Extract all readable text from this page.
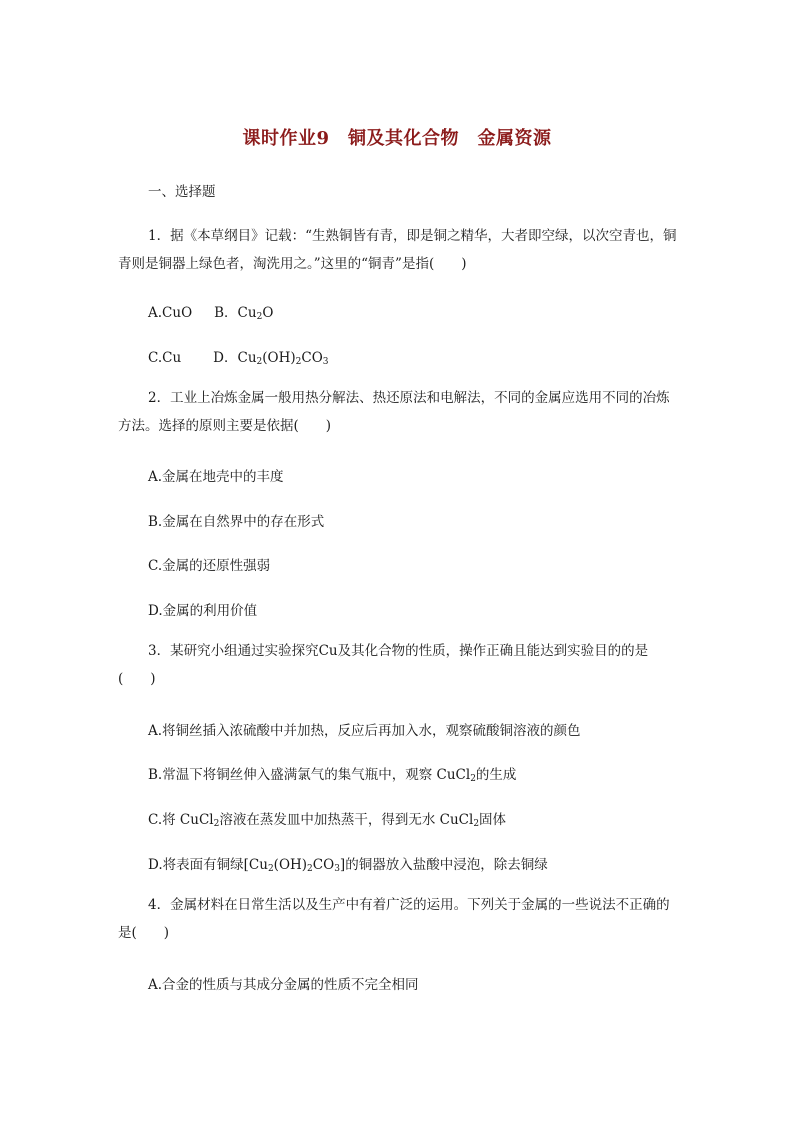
课时作业9　铜及其化合物　金属资源
一、选择题
1．据《本草纲目》记载：“生熟铜皆有青，即是铜之精华，大者即空绿，以次空青也，铜青则是铜器上绿色者，淘洗用之。”这里的“铜青”是指(　　)
A.CuO B．$Cu_2O$
C.Cu D．$Cu_2(OH)_2CO_3$
2．工业上冶炼金属一般用热分解法、热还原法和电解法，不同的金属应选用不同的冶炼方法。选择的原则主要是依据(　　)
A.金属在地壳中的丰度
B.金属在自然界中的存在形式
C.金属的还原性强弱
D.金属的利用价值
3．某研究小组通过实验探究Cu及其化合物的性质，操作正确且能达到实验目的的是(　　)
A.将铜丝插入浓硫酸中并加热，反应后再加入水，观察硫酸铜溶液的颜色
B.常温下将铜丝伸入盛满氯气的集气瓶中，观察 CuCl$_2$的生成
C.将 CuCl$_2$溶液在蒸发皿中加热蒸干，得到无水 CuCl$_2$固体
D.将表面有铜绿$[Cu_2(OH)_2CO_3]$的铜器放入盐酸中浸泡，除去铜绿
4．金属材料在日常生活以及生产中有着广泛的运用。下列关于金属的一些说法不正确的是(　　)
A.合金的性质与其成分金属的性质不完全相同
